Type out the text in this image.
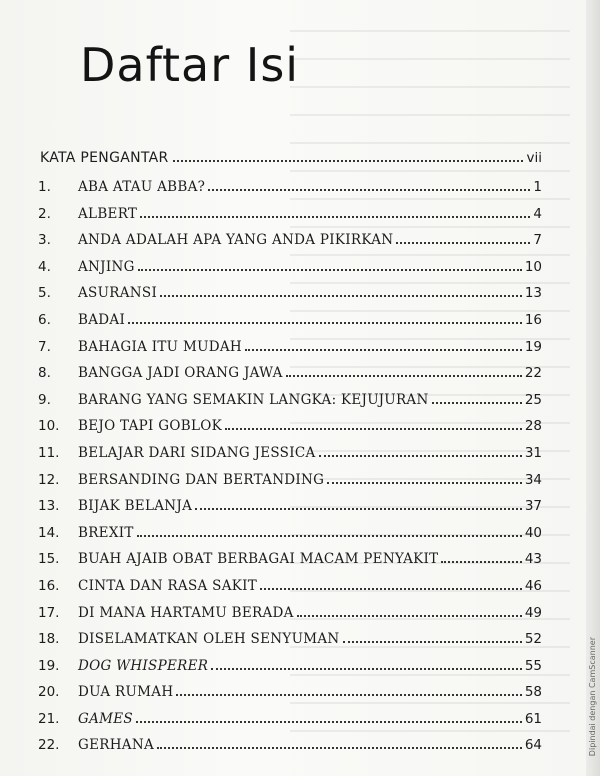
Daftar Isi
KATA PENGANTAR	vii
1.	ABA ATAU ABBA?	1
2.	ALBERT	4
3.	ANDA ADALAH APA YANG ANDA PIKIRKAN	7
4.	ANJING	10
5.	ASURANSI	13
6.	BADAI	16
7.	BAHAGIA ITU MUDAH	19
8.	BANGGA JADI ORANG JAWA	22
9.	BARANG YANG SEMAKIN LANGKA: KEJUJURAN	25
10.	BEJO TAPI GOBLOK	28
11.	BELAJAR DARI SIDANG JESSICA	31
12.	BERSANDING DAN BERTANDING	34
13.	BIJAK BELANJA	37
14.	BREXIT	40
15.	BUAH AJAIB OBAT BERBAGAI MACAM PENYAKIT	43
16.	CINTA DAN RASA SAKIT	46
17.	DI MANA HARTAMU BERADA	49
18.	DISELAMATKAN OLEH SENYUMAN	52
19.	DOG WHISPERER	55
20.	DUA RUMAH	58
21.	GAMES	61
22.	GERHANA	64	Dipindai dengan CamScanner
